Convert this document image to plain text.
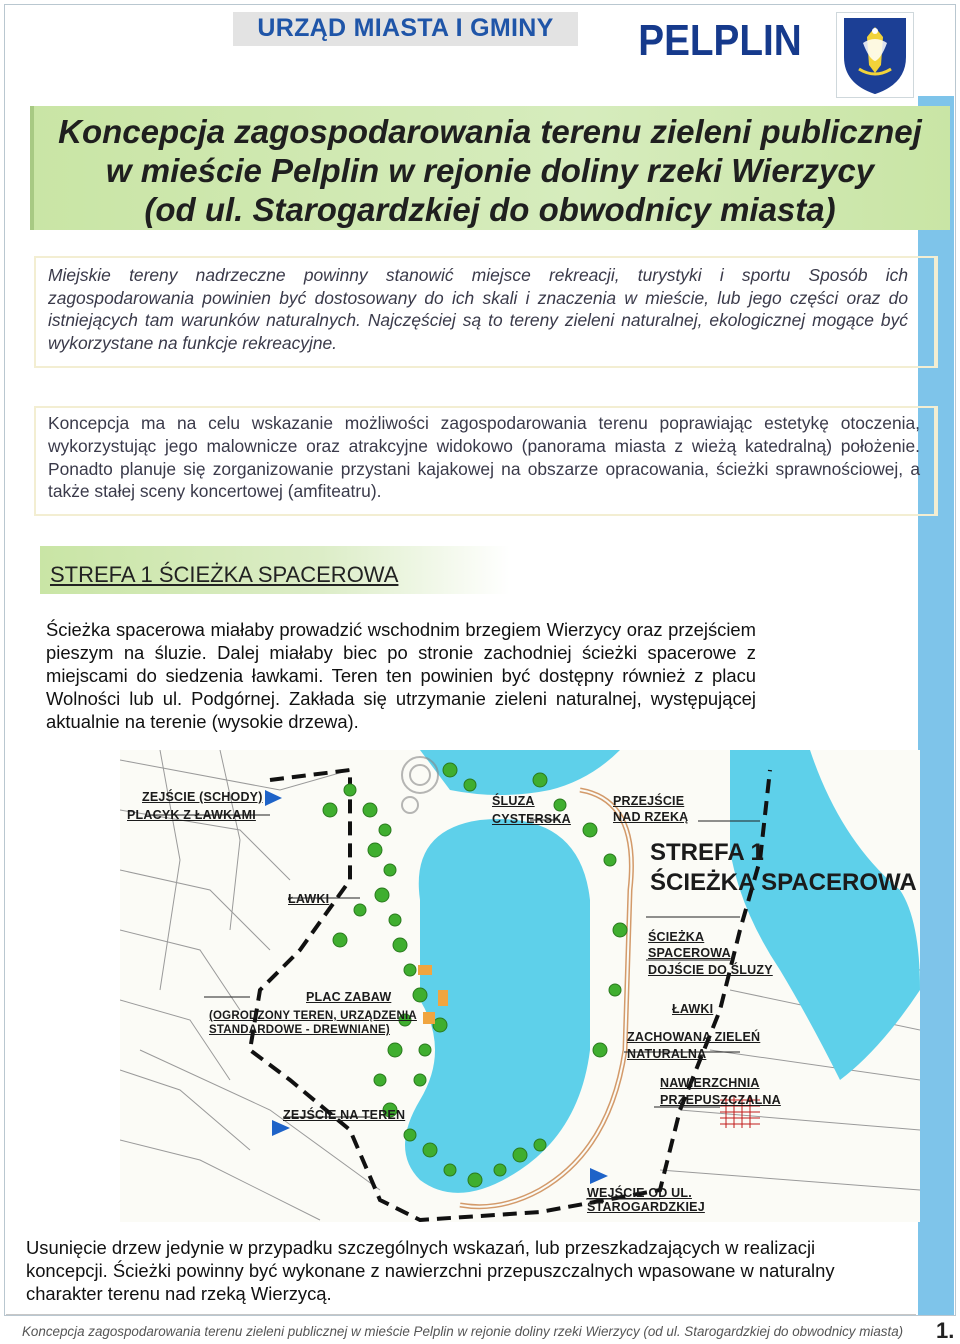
URZĄD MIASTA I GMINY	PELPLIN
Koncepcja zagospodarowania terenu zieleni publicznej
w mieście Pelplin w rejonie doliny rzeki Wierzycy
(od ul. Starogardzkiej do obwodnicy miasta)
Miejskie tereny nadrzeczne powinny stanowić miejsce rekreacji, turystyki i sportu Sposób ich zagospodarowania powinien być dostosowany do ich skali i znaczenia w mieście, lub jego części oraz do istniejących tam warunków naturalnych. Najczęściej są to tereny zieleni naturalnej, ekologicznej mogące być wykorzystane na funkcje rekreacyjne.
Koncepcja ma na celu wskazanie możliwości zagospodarowania terenu poprawiając estetykę otoczenia, wykorzystując jego malownicze oraz atrakcyjne widokowo (panorama miasta z wieżą katedralną) położenie. Ponadto planuje się zorganizowanie przystani kajakowej na obszarze opracowania, ścieżki sprawnościowej, a także stałej sceny koncertowej (amfiteatru).
STREFA 1 ŚCIEŻKA SPACEROWA
Ścieżka spacerowa miałaby prowadzić wschodnim brzegiem Wierzycy oraz przejściem pieszym na śluzie. Dalej miałaby biec po stronie zachodniej ścieżki spacerowe z miejscami do siedzenia ławkami. Teren ten powinien być dostępny również z placu Wolności lub ul. Podgórnej. Zakłada się utrzymanie zieleni naturalnej, występującej aktualnie na terenie (wysokie drzewa).
ZEJŚCIE (SCHODY)
PLACYK Z ŁAWKAMI
ŚLUZA
CYSTERSKA
PRZEJŚCIE
NAD RZEKĄ
STREFA 1
ŚCIEŻKA SPACEROWA
ŁAWKI
ŚCIEŻKA
SPACEROWA,
DOJŚCIE DO ŚLUZY
ŁAWKI
ZACHOWANA ZIELEŃ
NATURALNA
PLAC ZABAW
(OGRODZONY TEREN, URZĄDZENIA
STANDARDOWE - DREWNIANE)
NAWIERZCHNIA
PRZEPUSZCZALNA
ZEJŚCIE NA TEREN
WEJŚCIE OD UL.
STAROGARDZKIEJ
Usunięcie drzew jedynie w przypadku szczególnych wskazań, lub przeszkadzających w realizacji koncepcji. Ścieżki powinny być wykonane z nawierzchni przepuszczalnych wpasowane w naturalny charakter terenu nad rzeką Wierzycą.
Koncepcja zagospodarowania terenu zieleni publicznej w mieście Pelplin w rejonie doliny rzeki Wierzycy (od ul. Starogardzkiej do obwodnicy miasta) 1.
